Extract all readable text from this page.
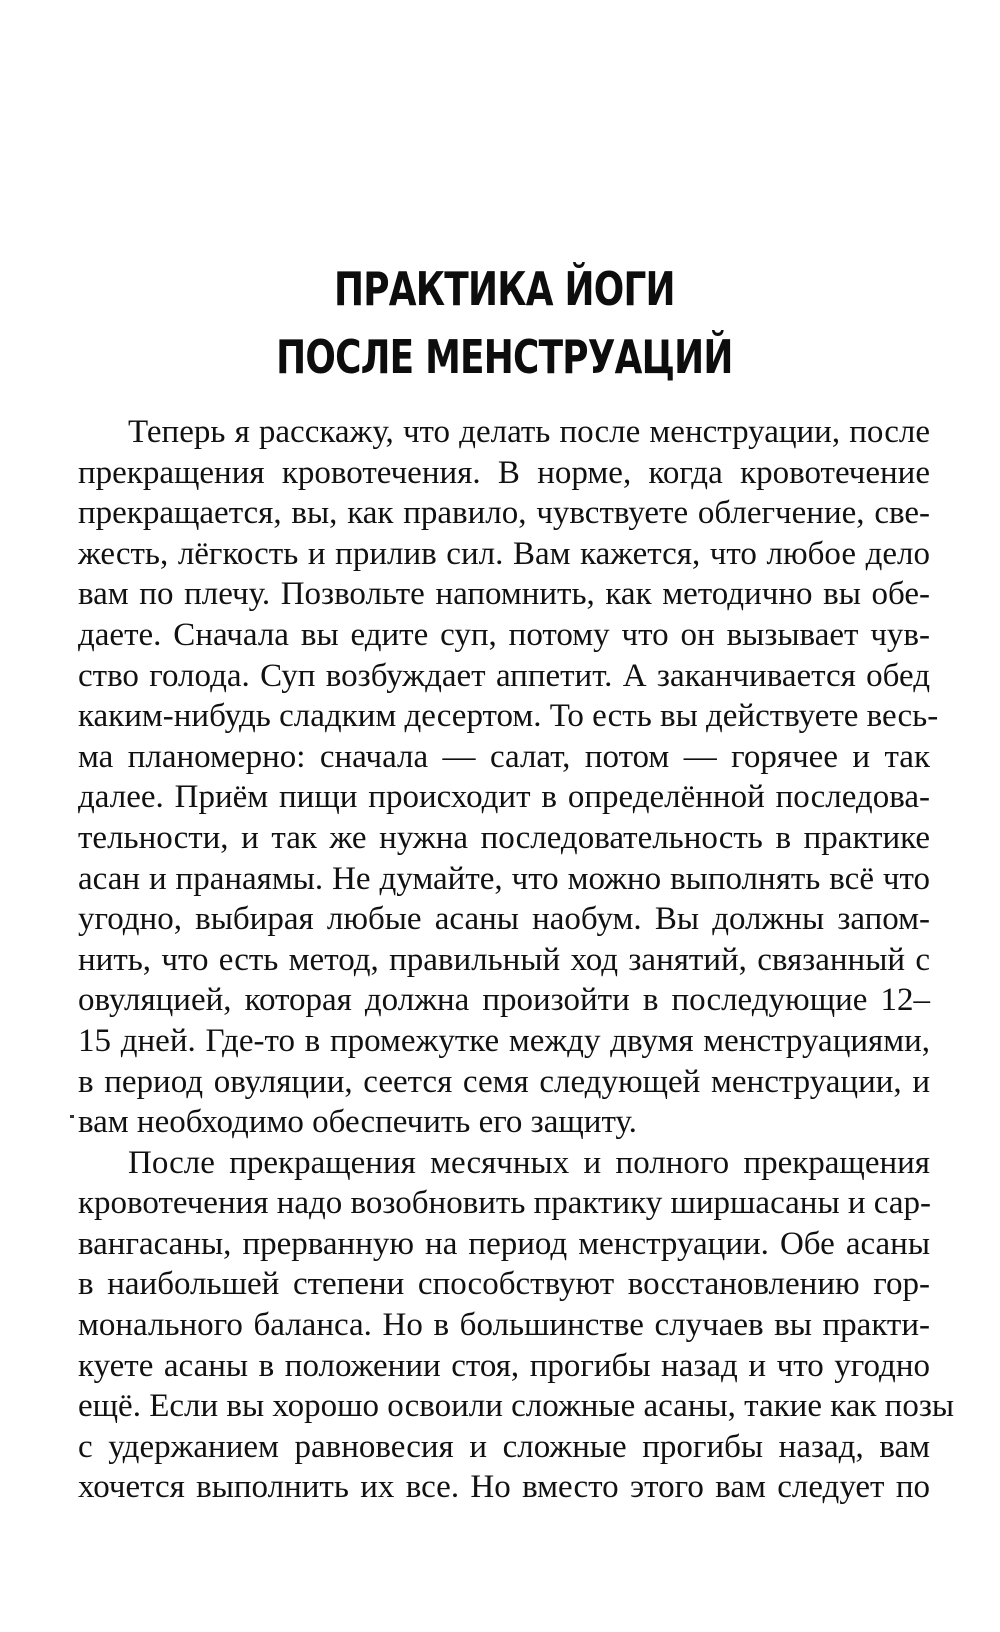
ПРАКТИКА ЙОГИ
ПОСЛЕ МЕНСТРУАЦИЙ
Теперь я расскажу, что делать после менструации, после
прекращения кровотечения. В норме, когда кровотечение
прекращается, вы, как правило, чувствуете облегчение, све-
жесть, лёгкость и прилив сил. Вам кажется, что любое дело
вам по плечу. Позвольте напомнить, как методично вы обе-
даете. Сначала вы едите суп, потому что он вызывает чув-
ство голода. Суп возбуждает аппетит. А заканчивается обед
каким-нибудь сладким десертом. То есть вы действуете весь-
ма планомерно: сначала — салат, потом — горячее и так
далее. Приём пищи происходит в определённой последова-
тельности, и так же нужна последовательность в практике
асан и пранаямы. Не думайте, что можно выполнять всё что
угодно, выбирая любые асаны наобум. Вы должны запом-
нить, что есть метод, правильный ход занятий, связанный с
овуляцией, которая должна произойти в последующие 12–
15 дней. Где-то в промежутке между двумя менструациями,
в период овуляции, сеется семя следующей менструации, и
вам необходимо обеспечить его защиту.
После прекращения месячных и полного прекращения
кровотечения надо возобновить практику ширшасаны и сар-
вангасаны, прерванную на период менструации. Обе асаны
в наибольшей степени способствуют восстановлению гор-
монального баланса. Но в большинстве случаев вы практи-
куете асаны в положении стоя, прогибы назад и что угодно
ещё. Если вы хорошо освоили сложные асаны, такие как позы
с удержанием равновесия и сложные прогибы назад, вам
хочется выполнить их все. Но вместо этого вам следует по
